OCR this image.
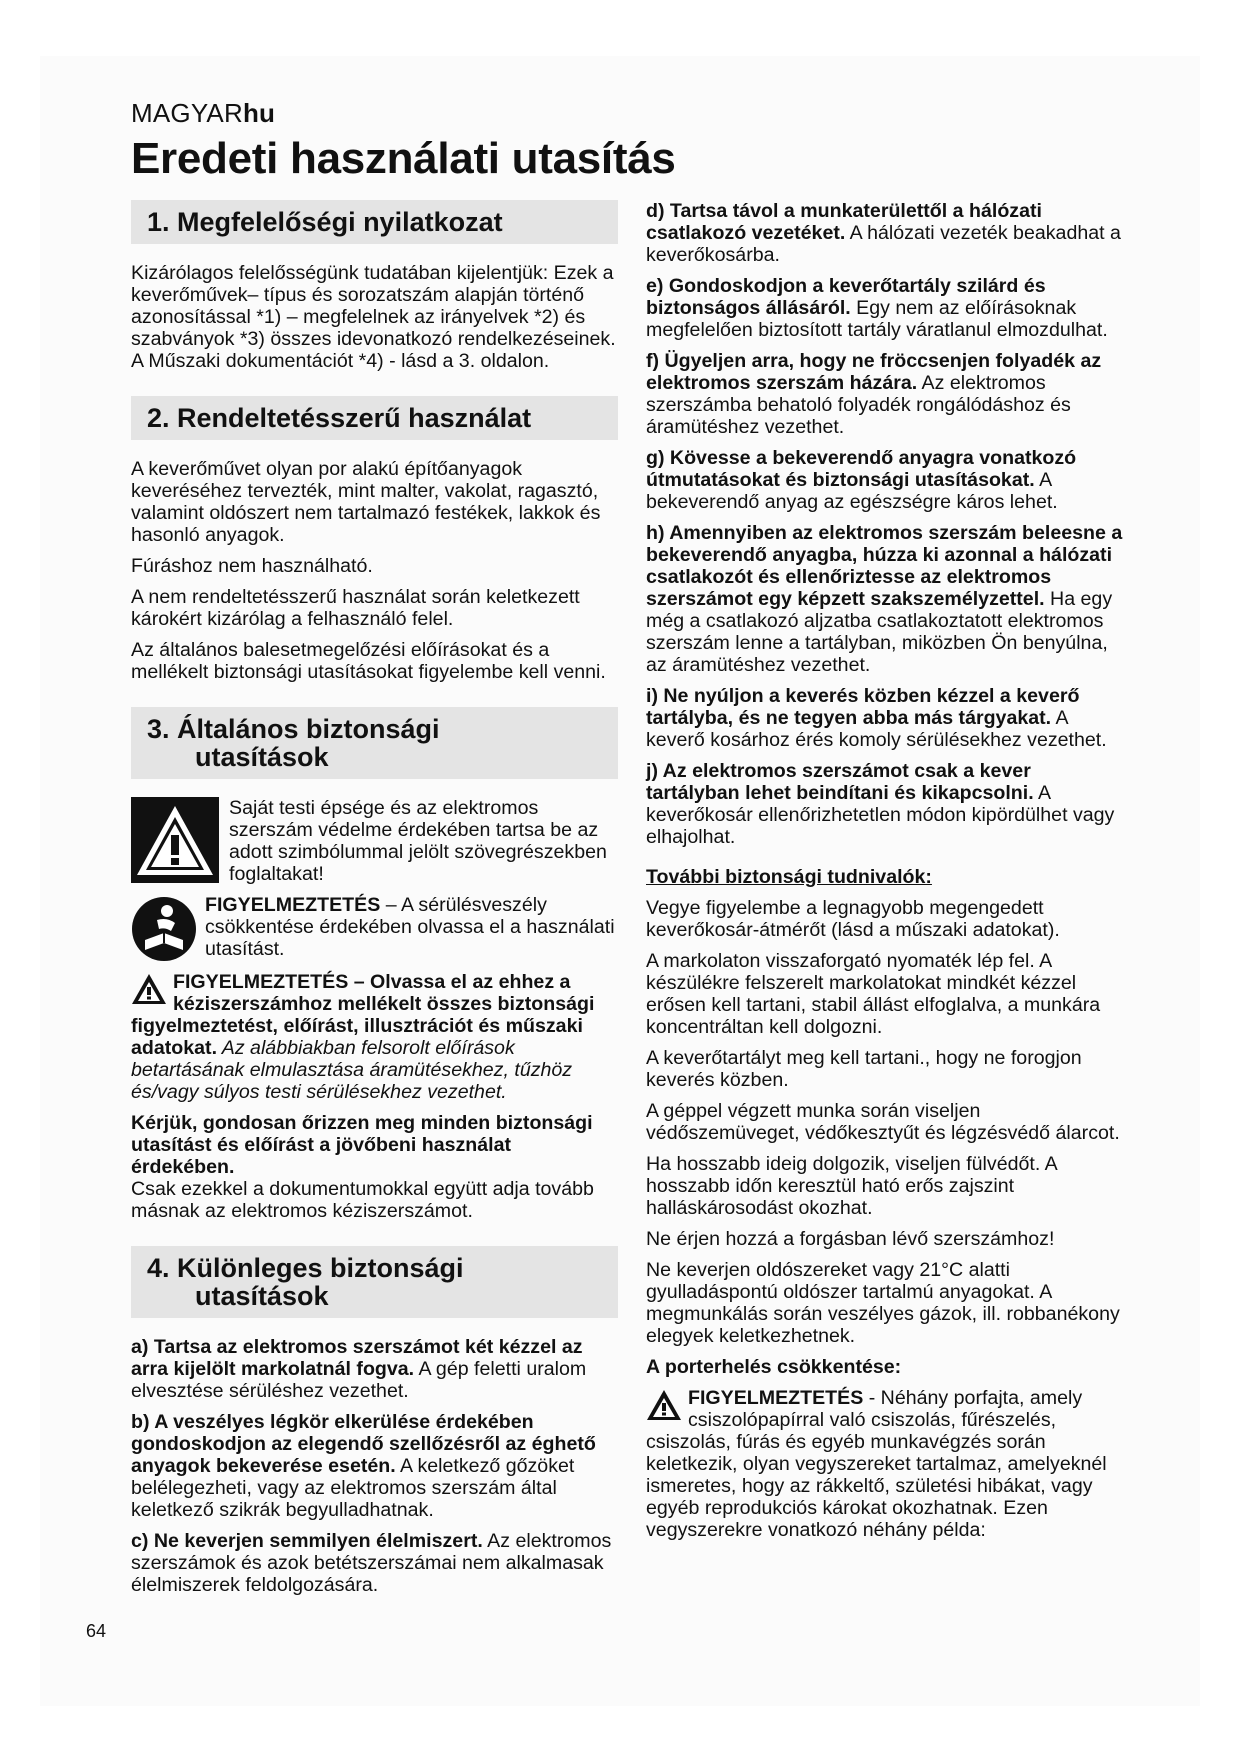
MAGYARhu
Eredeti használati utasítás
1. Megfelelőségi nyilatkozat

Kizárólagos felelősségünk tudatában kijelentjük: Ezek a keverőművek– típus és sorozatszám alapján történő azonosítással *1) – megfelelnek az irányelvek *2) és szabványok *3) összes idevonatkozó rendelkezéseinek. A Műszaki dokumentációt *4) - lásd a 3. oldalon.

2. Rendeltetésszerű használat

A keverőművet olyan por alakú építőanyagok keveréséhez tervezték, mint malter, vakolat, ragasztó, valamint oldószert nem tartalmazó festékek, lakkok és hasonló anyagok.

Fúráshoz nem használható.

A nem rendeltetésszerű használat során keletkezett károkért kizárólag a felhasználó felel.

Az általános balesetmegelőzési előírásokat és a mellékelt biztonsági utasításokat figyelembe kell venni.

3. Általános biztonsági
utasítások
Saját testi épsége és az elektromos szerszám védelme érdekében tartsa be az adott szimbólummal jelölt szövegrészekben foglaltakat!
FIGYELMEZTETÉS – A sérülésveszély csökkentése érdekében olvassa el a használati utasítást.

FIGYELMEZTETÉS – Olvassa el az ehhez a kéziszerszámhoz mellékelt összes biztonsági figyelmeztetést, előírást, illusztrációt és műszaki adatokat. Az alábbiakban felsorolt előírások betartásának elmulasztása áramütésekhez, tűzhöz és/vagy súlyos testi sérülésekhez vezethet.

Kérjük, gondosan őrizzen meg minden biztonsági utasítást és előírást a jövőbeni használat érdekében.
Csak ezekkel a dokumentumokkal együtt adja tovább másnak az elektromos kéziszerszámot.

4. Különleges biztonsági
utasítások

a) Tartsa az elektromos szerszámot két kézzel az arra kijelölt markolatnál fogva. A gép feletti uralom elvesztése sérüléshez vezethet.

b) A veszélyes légkör elkerülése érdekében gondoskodjon az elegendő szellőzésről az éghető anyagok bekeverése esetén. A keletkező gőzöket belélegezheti, vagy az elektromos szerszám által keletkező szikrák begyulladhatnak.

c) Ne keverjen semmilyen élelmiszert. Az elektromos szerszámok és azok betétszerszámai nem alkalmasak élelmiszerek feldolgozására.

d) Tartsa távol a munkaterülettől a hálózati csatlakozó vezetéket. A hálózati vezeték beakadhat a keverőkosárba.

e) Gondoskodjon a keverőtartály szilárd és biztonságos állásáról. Egy nem az előírásoknak megfelelően biztosított tartály váratlanul elmozdulhat.

f) Ügyeljen arra, hogy ne fröccsenjen folyadék az elektromos szerszám házára. Az elektromos szerszámba behatoló folyadék rongálódáshoz és áramütéshez vezethet.

g) Kövesse a bekeverendő anyagra vonatkozó útmutatásokat és biztonsági utasításokat. A bekeverendő anyag az egészségre káros lehet.

h) Amennyiben az elektromos szerszám beleesne a bekeverendő anyagba, húzza ki azonnal a hálózati csatlakozót és ellenőriztesse az elektromos szerszámot egy képzett szakszemélyzettel. Ha egy még a csatlakozó aljzatba csatlakoztatott elektromos szerszám lenne a tartályban, miközben Ön benyúlna, az áramütéshez vezethet.

i) Ne nyúljon a keverés közben kézzel a keverő tartályba, és ne tegyen abba más tárgyakat. A keverő kosárhoz érés komoly sérülésekhez vezethet.

j) Az elektromos szerszámot csak a kever tartályban lehet beindítani és kikapcsolni. A keverőkosár ellenőrizhetetlen módon kipördülhet vagy elhajolhat.

További biztonsági tudnivalók:

Vegye figyelembe a legnagyobb megengedett keverőkosár-átmérőt (lásd a műszaki adatokat).

A markolaton visszaforgató nyomaték lép fel. A készülékre felszerelt markolatokat mindkét kézzel erősen kell tartani, stabil állást elfoglalva, a munkára koncentráltan kell dolgozni.

A keverőtartályt meg kell tartani., hogy ne forogjon keverés közben.

A géppel végzett munka során viseljen védőszemüveget, védőkesztyűt és légzésvédő álarcot.

Ha hosszabb ideig dolgozik, viseljen fülvédőt. A hosszabb időn keresztül ható erős zajszint halláskárosodást okozhat.

Ne érjen hozzá a forgásban lévő szerszámhoz!

Ne keverjen oldószereket vagy 21°C alatti gyulladáspontú oldószer tartalmú anyagokat. A megmunkálás során veszélyes gázok, ill. robbanékony elegyek keletkezhetnek.

A porterhelés csökkentése:

FIGYELMEZTETÉS - Néhány porfajta, amely csiszolópapírral való csiszolás, fűrészelés, csiszolás, fúrás és egyéb munkavégzés során keletkezik, olyan vegyszereket tartalmaz, amelyeknél ismeretes, hogy az rákkeltő, születési hibákat, vagy egyéb reprodukciós károkat okozhatnak. Ezen vegyszerekre vonatkozó néhány példa:

64
